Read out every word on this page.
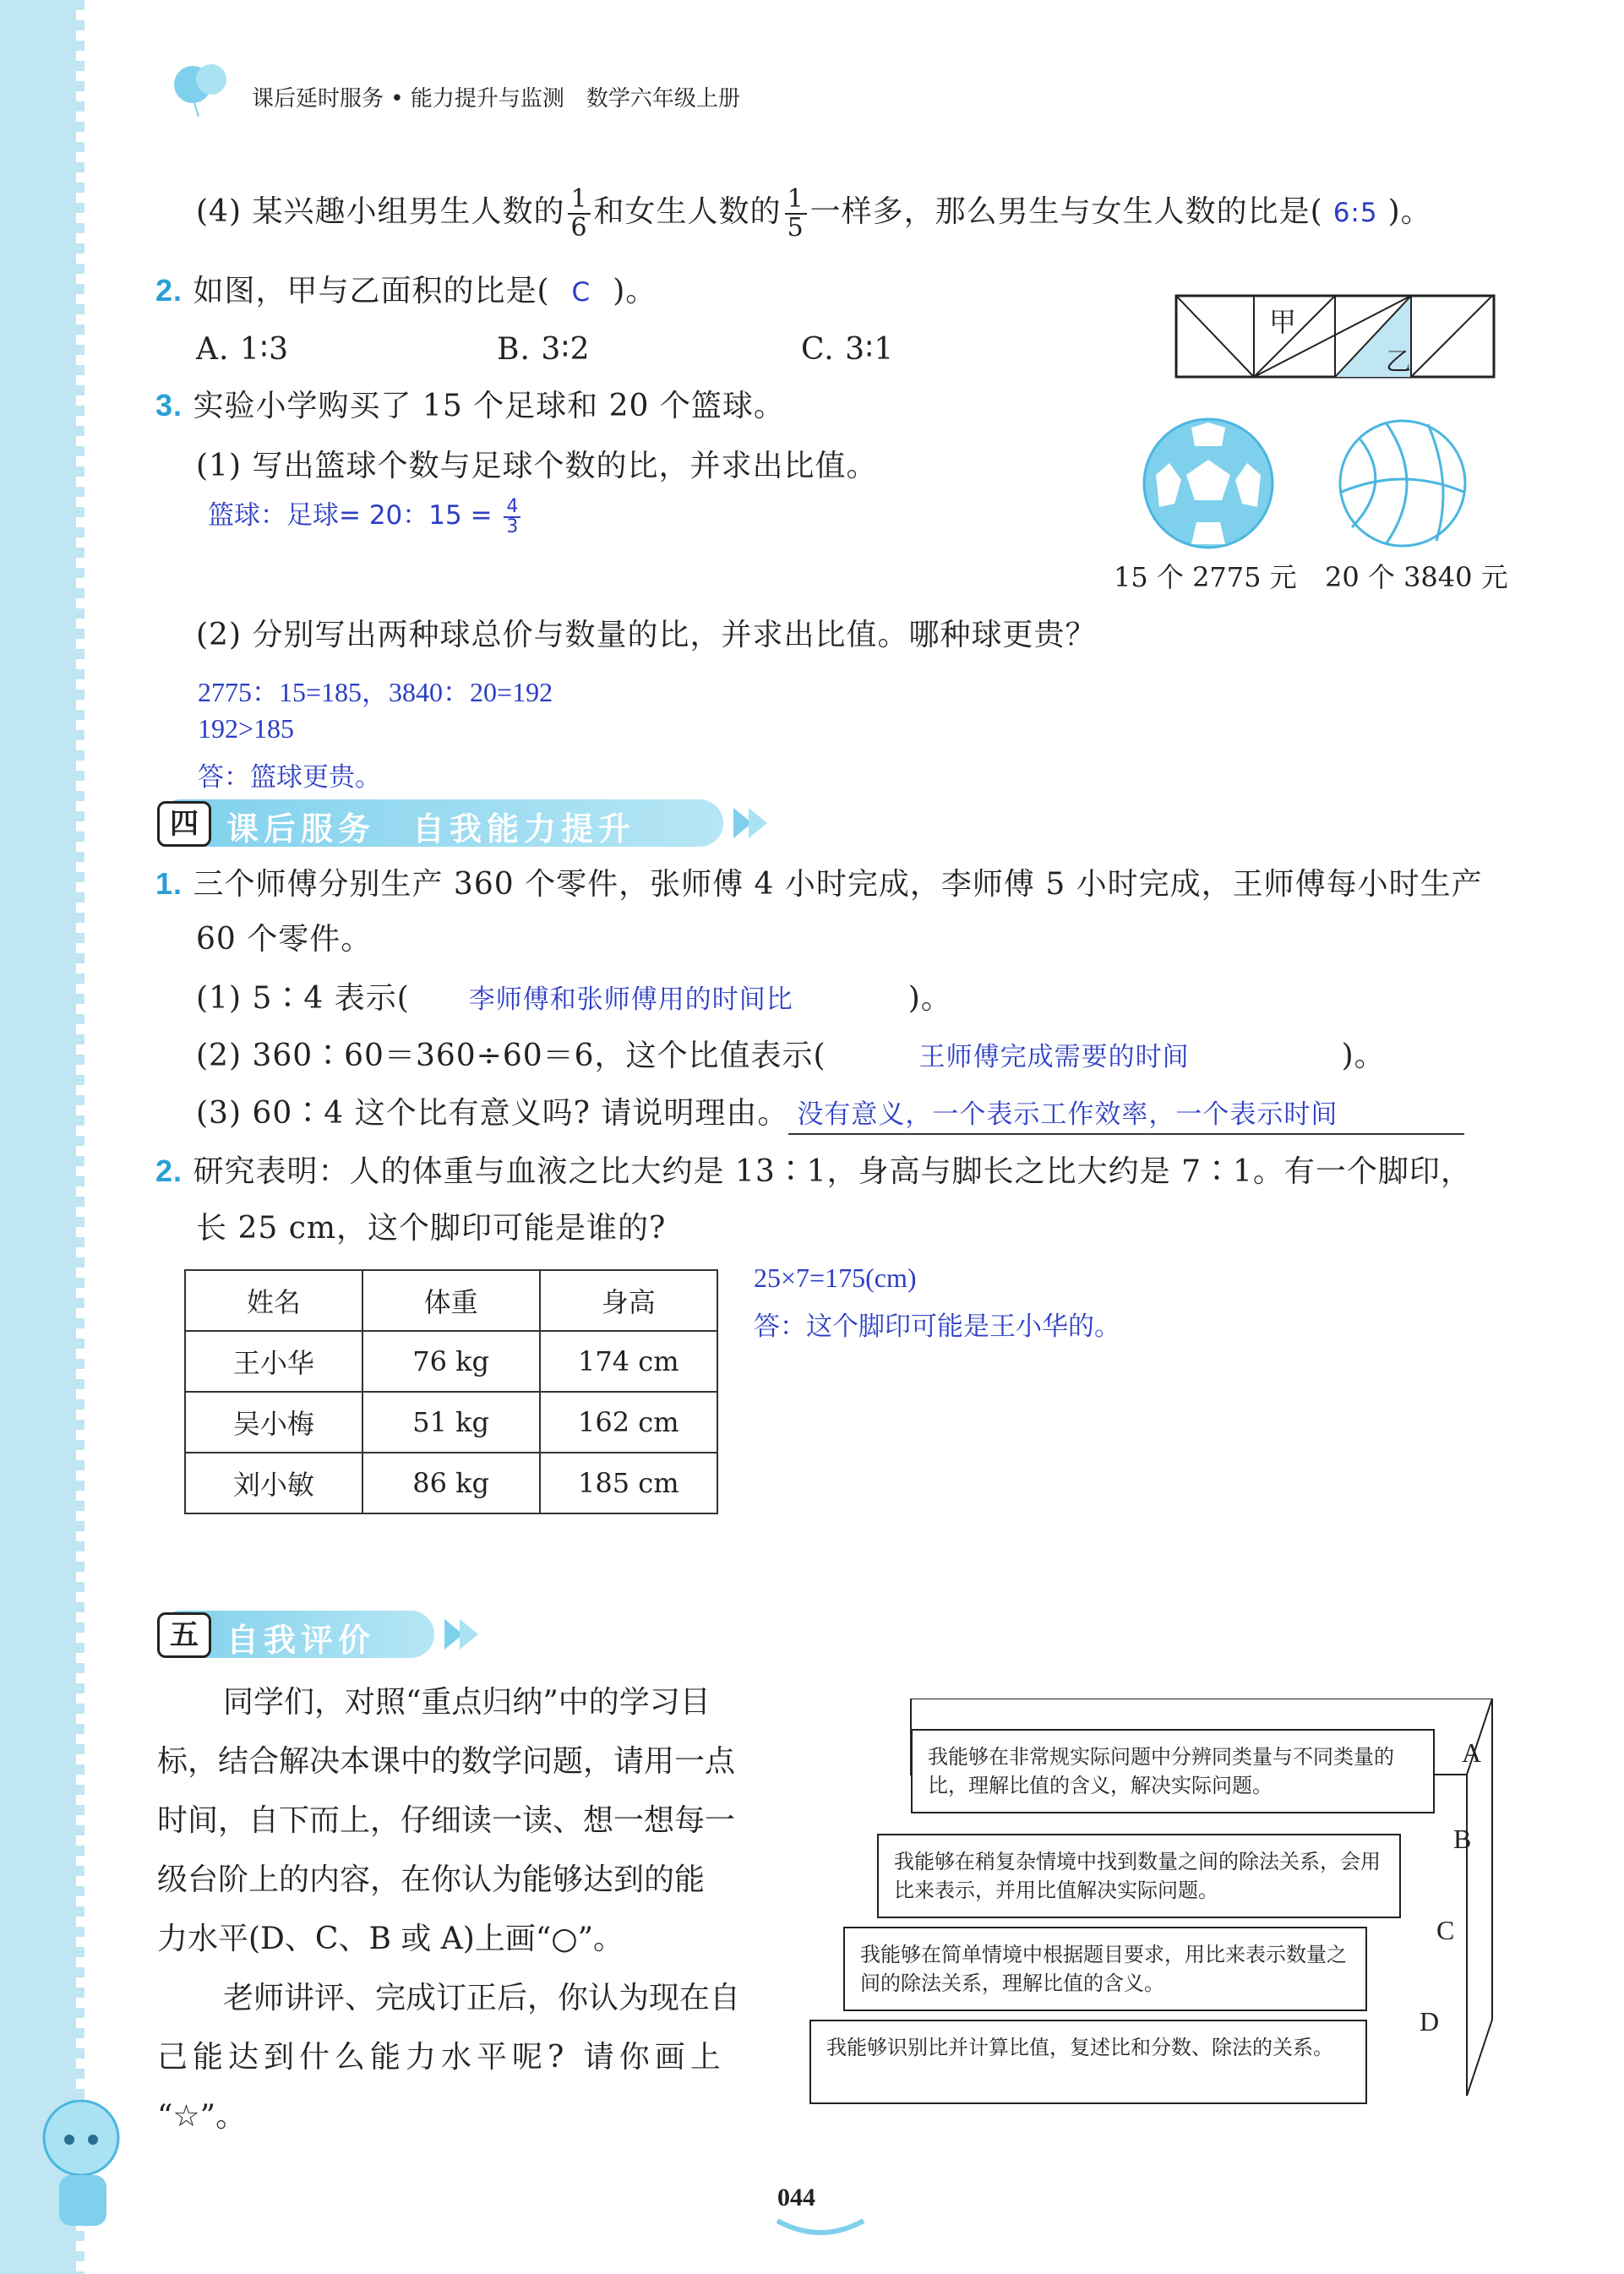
课后延时服务 • 能力提升与监测　数学六年级上册
(4) 某兴趣小组男生人数的 $\frac{1}{6}$ 和女生人数的 $\frac{1}{5}$ 一样多，那么男生与女生人数的比是( 6:5 )。
2. 如图，甲与乙面积的比是( C )。
A. 1∶3	B. 3∶2	C. 3∶1
甲
乙
3. 实验小学购买了 15 个足球和 20 个篮球。
(1) 写出篮球个数与足球个数的比，并求出比值。
篮球：足球= 20：$15 = \frac{4}{3}$
15 个 2775 元 20 个 3840 元
(2) 分别写出两种球总价与数量的比，并求出比值。哪种球更贵？
2775：15=185，3840：20=192
192>185
答：篮球更贵。
四 课后服务　自我能力提升
1. 三个师傅分别生产 360 个零件，张师傅 4 小时完成，李师傅 5 小时完成，王师傅每小时生产
60 个零件。
(1) 5∶4 表示( 李师傅和张师傅用的时间比	)。
(2) 360∶60＝360÷60＝6，这个比值表示(	王师傅完成需要的时间	)。
(3) 60∶4 这个比有意义吗? 请说明理由。 没有意义，一个表示工作效率，一个表示时间
2. 研究表明：人的体重与血液之比大约是 13∶1，身高与脚长之比大约是 7∶1。有一个脚印，
长 25 cm，这个脚印可能是谁的?
姓名	体重	身高
王小华	76 kg	174 cm
吴小梅	51 kg	162 cm
刘小敏	86 kg	185 cm
25×7=175(cm)
答：这个脚印可能是王小华的。
五 自我评价
同学们，对照“重点归纳”中的学习目
标，结合解决本课中的数学问题，请用一点
时间，自下而上，仔细读一读、想一想每一
级台阶上的内容，在你认为能够达到的能
力水平(D、C、B 或 A)上画“○”。
老师讲评、完成订正后，你认为现在自
己能达到什么能力水平呢? 请你画上
“☆”。
我能够在非常规实际问题中分辨同类量与不同类量的比，理解比值的含义，解决实际问题。
A
我能够在稍复杂情境中找到数量之间的除法关系，会用比来表示，并用比值解决实际问题。
B
我能够在简单情境中根据题目要求，用比来表示数量之间的除法关系，理解比值的含义。
C
我能够识别比并计算比值，复述比和分数、除法的关系。
D
044
